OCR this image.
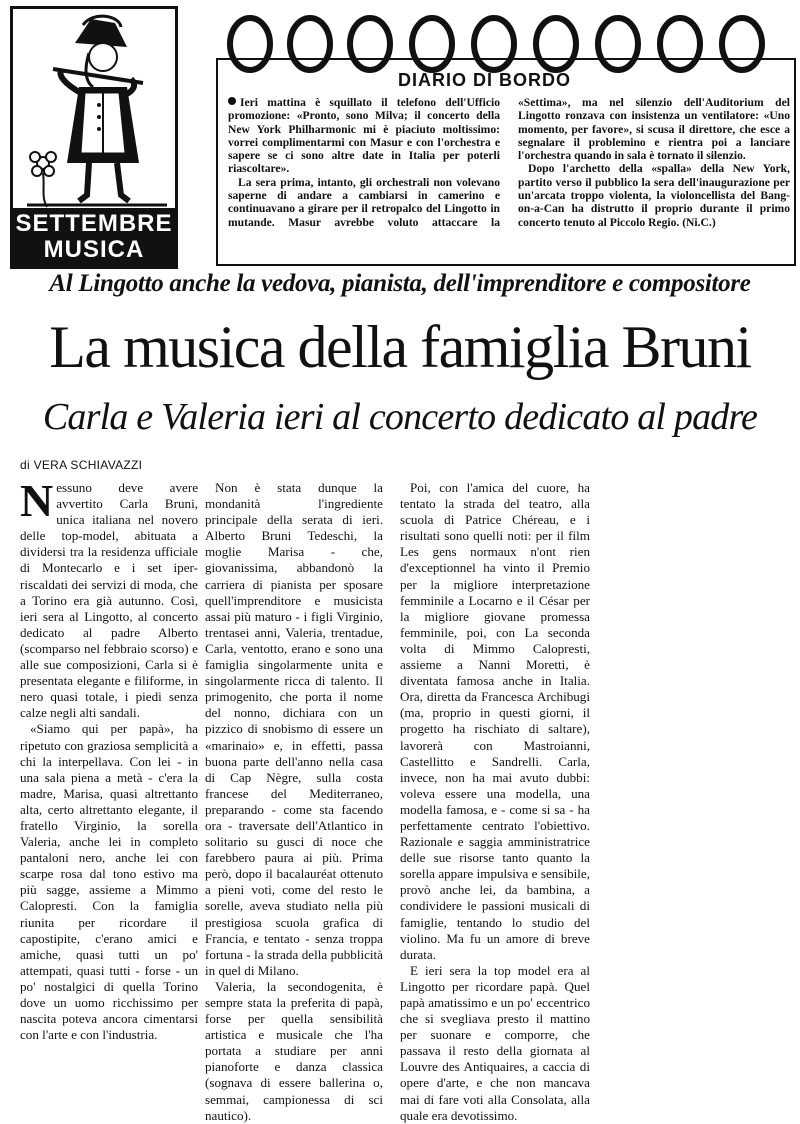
SETTEMBRE
MUSICA
DIARIO DI BORDO

Ieri mattina è squillato il telefono dell'Ufficio promozione: «Pronto, sono Milva; il concerto della New York Philharmonic mi è piaciuto moltissimo: vorrei complimentarmi con Masur e con l'orchestra e sapere se ci sono altre date in Italia per poterli riascoltare».

La sera prima, intanto, gli orchestrali non volevano saperne di andare a cambiarsi in camerino e continuavano a girare per il retropalco del Lingotto in mutande. Masur avrebbe voluto attaccare la «Settima», ma nel silenzio dell'Auditorium del Lingotto ronzava con insistenza un ventilatore: «Uno momento, per favore», si scusa il direttore, che esce a segnalare il problemino e rientra poi a lanciare l'orchestra quando in sala è tornato il silenzio.

Dopo l'archetto della «spalla» della New York, partito verso il pubblico la sera dell'inaugurazione per un'arcata troppo violenta, la violoncellista del Bang-on-a-Can ha distrutto il proprio durante il primo concerto tenuto al Piccolo Regio. (Ni.C.)

Al Lingotto anche la vedova, pianista, dell'imprenditore e compositore
La musica della famiglia Bruni
Carla e Valeria ieri al concerto dedicato al padre
di VERA SCHIAVAZZI

Nessuno deve avere avvertito Carla Bruni, unica italiana nel novero delle top-model, abituata a dividersi tra la residenza ufficiale di Montecarlo e i set iper-riscaldati dei servizi di moda, che a Torino era già autunno. Così, ieri sera al Lingotto, al concerto dedicato al padre Alberto (scomparso nel febbraio scorso) e alle sue composizioni, Carla si è presentata elegante e filiforme, in nero quasi totale, i piedi senza calze negli alti sandali.

«Siamo qui per papà», ha ripetuto con graziosa semplicità a chi la interpellava. Con lei - in una sala piena a metà - c'era la madre, Marisa, quasi altrettanto alta, certo altrettanto elegante, il fratello Virginio, la sorella Valeria, anche lei in completo pantaloni nero, anche lei con scarpe rosa dal tono estivo ma più sagge, assieme a Mimmo Calopresti. Con la famiglia riunita per ricordare il capostipite, c'erano amici e amiche, quasi tutti un po' attempati, quasi tutti - forse - un po' nostalgici di quella Torino dove un uomo ricchissimo per nascita poteva ancora cimentarsi con l'arte e con l'industria.

Non è stata dunque la mondanità l'ingrediente principale della serata di ieri. Alberto Bruni Tedeschi, la moglie Marisa - che, giovanissima, abbandonò la carriera di pianista per sposare quell'imprenditore e musicista assai più maturo - i figli Virginio, trentasei anni, Valeria, trentadue, Carla, ventotto, erano e sono una famiglia singolarmente unita e singolarmente ricca di talento. Il primogenito, che porta il nome del nonno, dichiara con un pizzico di snobismo di essere un «marinaio» e, in effetti, passa buona parte dell'anno nella casa di Cap Nègre, sulla costa francese del Mediterraneo, preparando - come sta facendo ora - traversate dell'Atlantico in solitario su gusci di noce che farebbero paura ai più. Prima però, dopo il bacalauréat ottenuto a pieni voti, come del resto le sorelle, aveva studiato nella più prestigiosa scuola grafica di Francia, e tentato - senza troppa fortuna - la strada della pubblicità in quel di Milano.

Valeria, la secondogenita, è sempre stata la preferita di papà, forse per quella sensibilità artistica e musicale che l'ha portata a studiare per anni pianoforte e danza classica (sognava di essere ballerina o, semmai, campionessa di sci nautico).

Poi, con l'amica del cuore, ha tentato la strada del teatro, alla scuola di Patrice Chéreau, e i risultati sono quelli noti: per il film Les gens normaux n'ont rien d'exceptionnel ha vinto il Premio per la migliore interpretazione femminile a Locarno e il César per la migliore giovane promessa femminile, poi, con La seconda volta di Mimmo Calopresti, assieme a Nanni Moretti, è diventata famosa anche in Italia. Ora, diretta da Francesca Archibugi (ma, proprio in questi giorni, il progetto ha rischiato di saltare), lavorerà con Mastroianni, Castellitto e Sandrelli. Carla, invece, non ha mai avuto dubbi: voleva essere una modella, una modella famosa, e - come si sa - ha perfettamente centrato l'obiettivo. Razionale e saggia amministratrice delle sue risorse tanto quanto la sorella appare impulsiva e sensibile, provò anche lei, da bambina, a condividere le passioni musicali di famiglie, tentando lo studio del violino. Ma fu un amore di breve durata.

E ieri sera la top model era al Lingotto per ricordare papà. Quel papà amatissimo e un po' eccentrico che si svegliava presto il mattino per suonare e comporre, che passava il resto della giornata al Louvre des Antiquaires, a caccia di opere d'arte, e che non mancava mai di fare voti alla Consolata, alla quale era devotissimo.
